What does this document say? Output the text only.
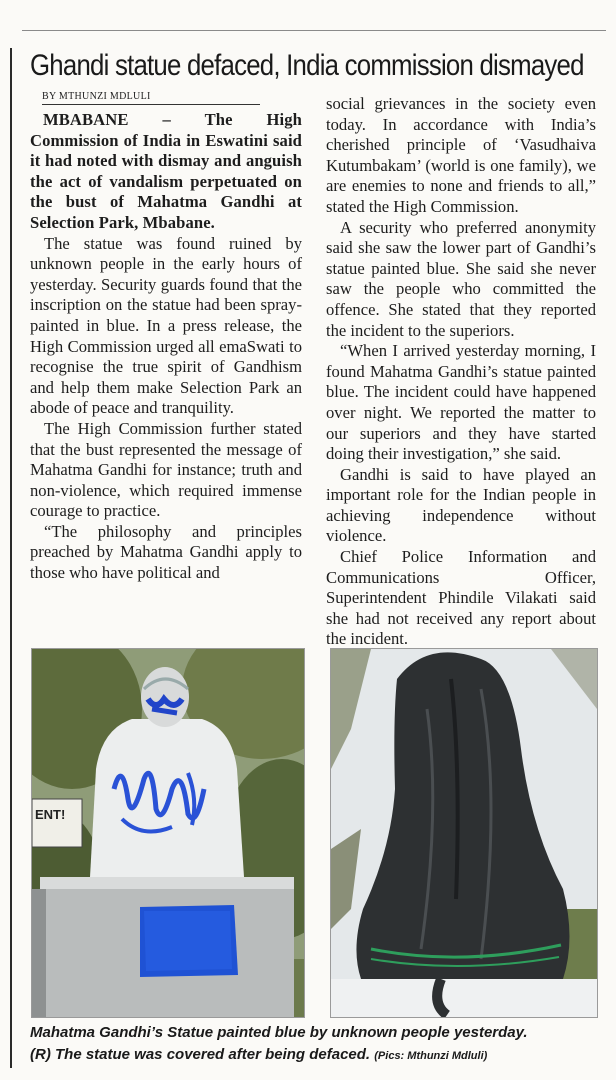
Ghandi statue defaced, India commission dismayed
BY MTHUNZI MDLULI

MBABANE – The High Commission of India in Eswatini said it had noted with dismay and anguish the act of vandalism perpetuated on the bust of Mahatma Gandhi at Selection Park, Mbabane.

The statue was found ruined by unknown people in the early hours of yesterday. Security guards found that the inscription on the statue had been spray-painted in blue. In a press release, the High Commission urged all emaSwati to recognise the true spirit of Gandhism and help them make Selection Park an abode of peace and tranquility.

The High Commission further stated that the bust represented the message of Mahatma Gandhi for instance; truth and non-violence, which required immense courage to practice.

“The philosophy and principles preached by Mahatma Gandhi apply to those who have political and

social grievances in the society even today. In accordance with India’s cherished principle of ‘Vasudhaiva Kutumbakam’ (world is one family), we are enemies to none and friends to all,” stated the High Commission.

A security who preferred anonymity said she saw the lower part of Gandhi’s statue painted blue. She said she never saw the people who committed the offence. She stated that they reported the incident to the superiors.

“When I arrived yesterday morning, I found Mahatma Gandhi’s statue painted blue. The incident could have happened over night. We reported the matter to our superiors and they have started doing their investigation,” she said.

Gandhi is said to have played an important role for the Indian people in achieving independence without violence.

Chief Police Information and Communications Officer, Superintendent Phindile Vilakati said she had not received any report about the incident.

ENT!
Mahatma Gandhi’s Statue painted blue by unknown people yesterday.
(R) The statue was covered after being defaced. (Pics: Mthunzi Mdluli)
